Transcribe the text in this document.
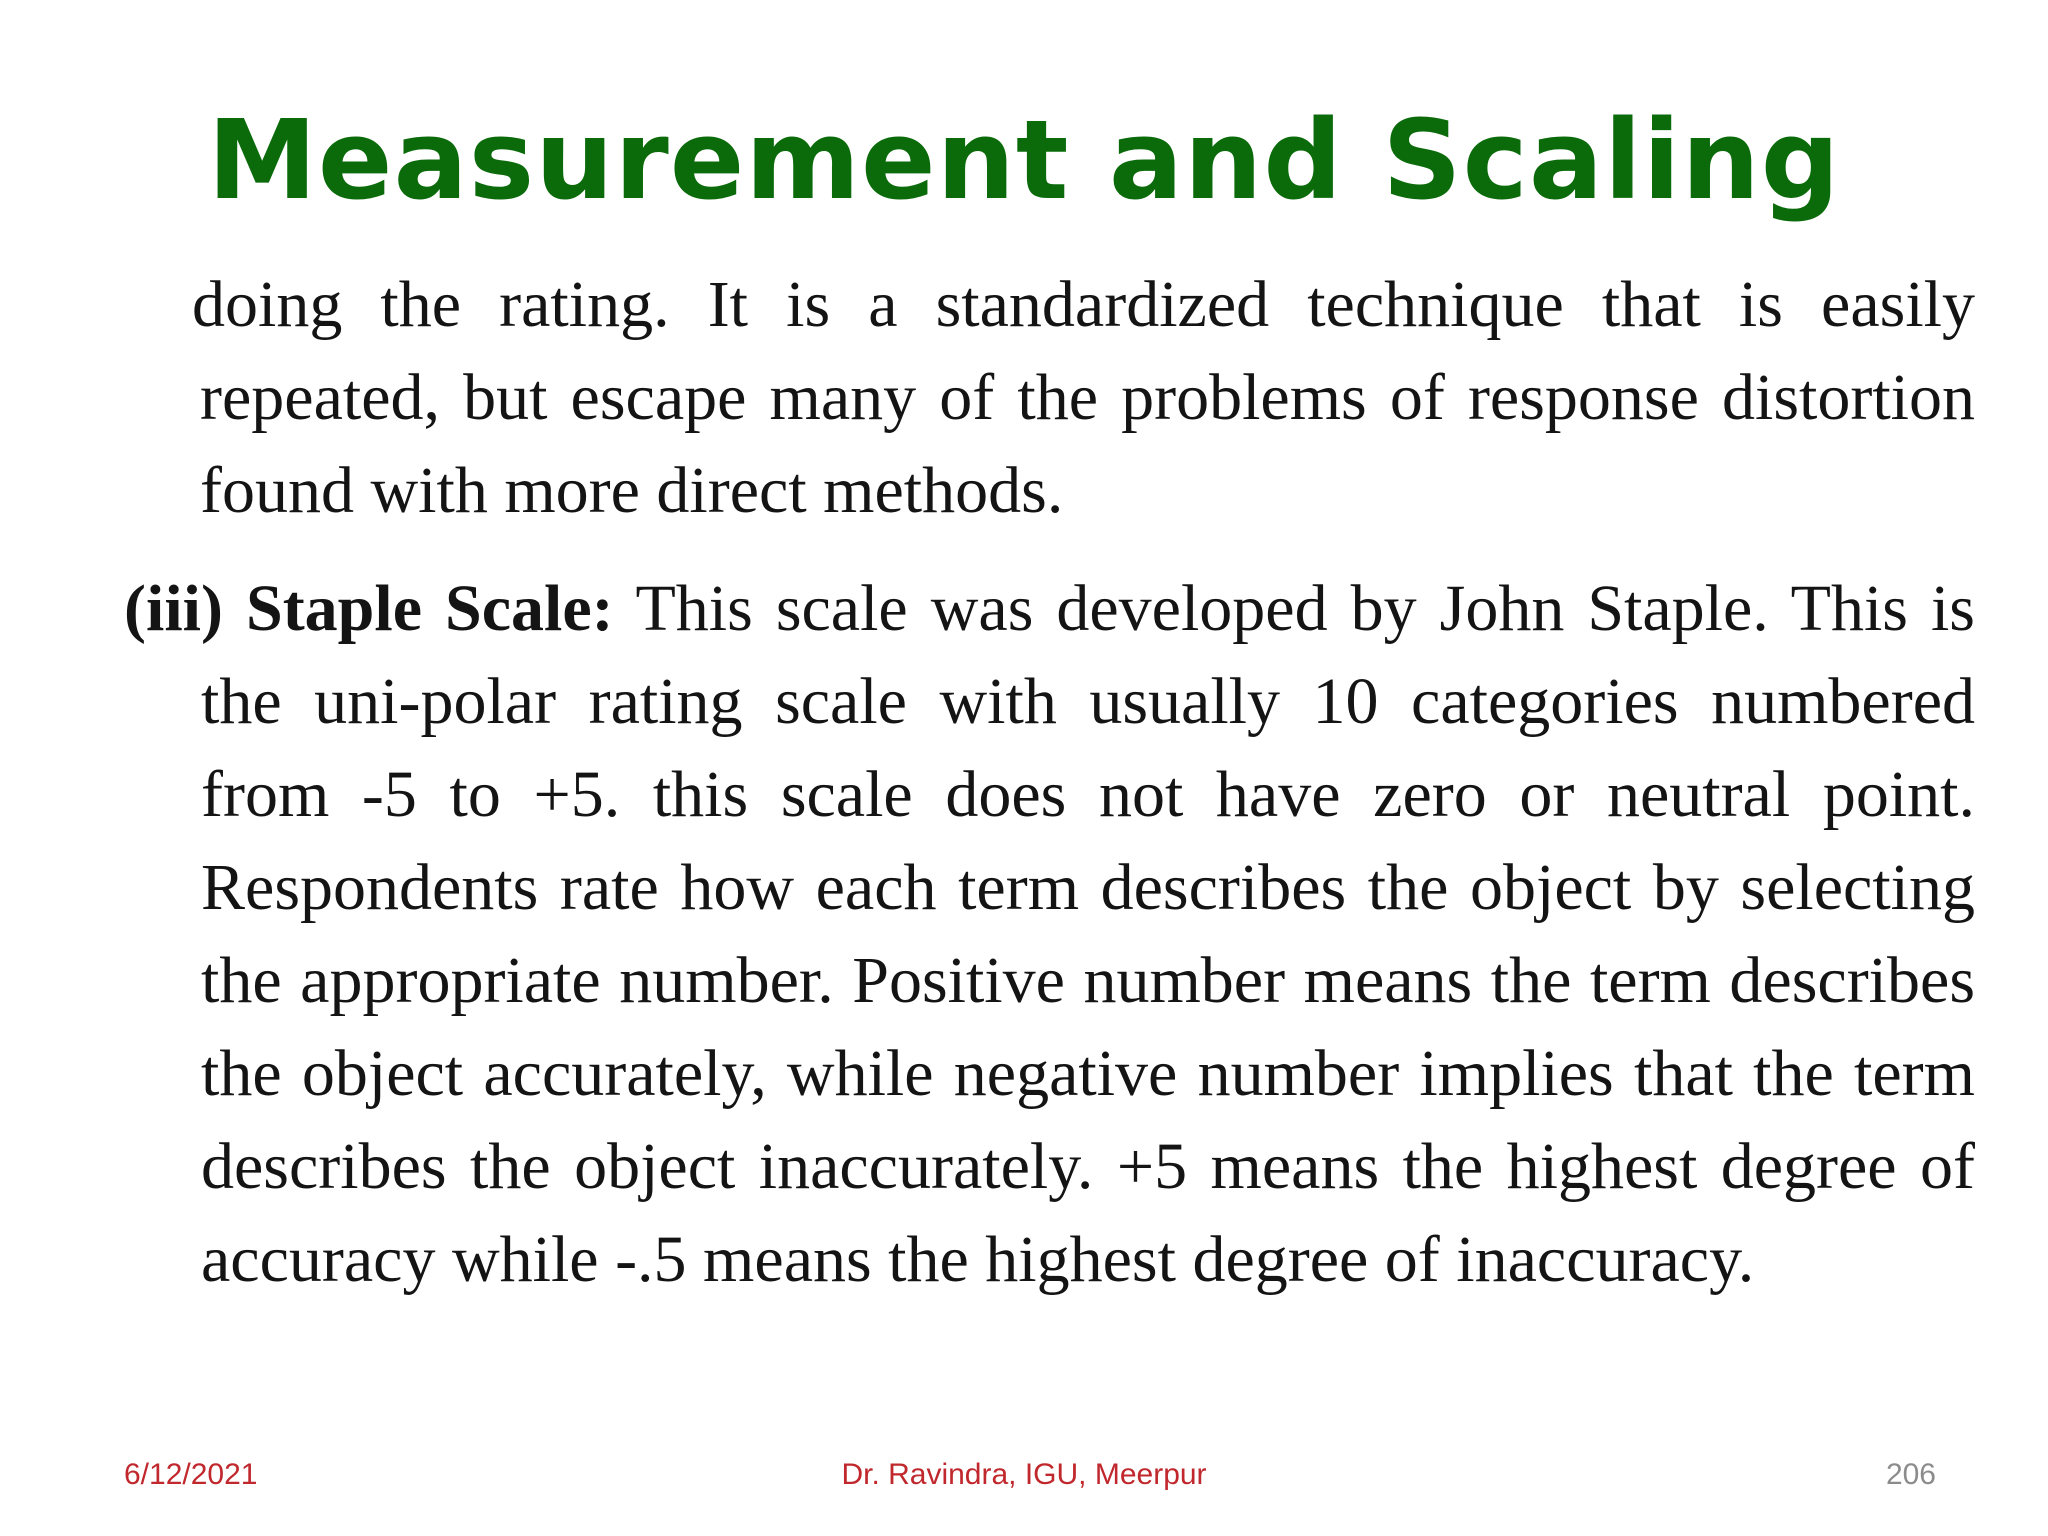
Measurement and Scaling
doing the rating. It is a standardized technique that is easily repeated, but escape many of the problems of response distortion found with more direct methods.
(iii) Staple Scale: This scale was developed by John Staple. This is the uni-polar rating scale with usually 10 categories numbered from -5 to +5. this scale does not have zero or neutral point. Respondents rate how each term describes the object by selecting the appropriate number. Positive number means the term describes the object accurately, while negative number implies that the term describes the object inaccurately. +5 means the highest degree of accuracy while -.5 means the highest degree of inaccuracy.
6/12/2021	Dr. Ravindra, IGU, Meerpur	206
